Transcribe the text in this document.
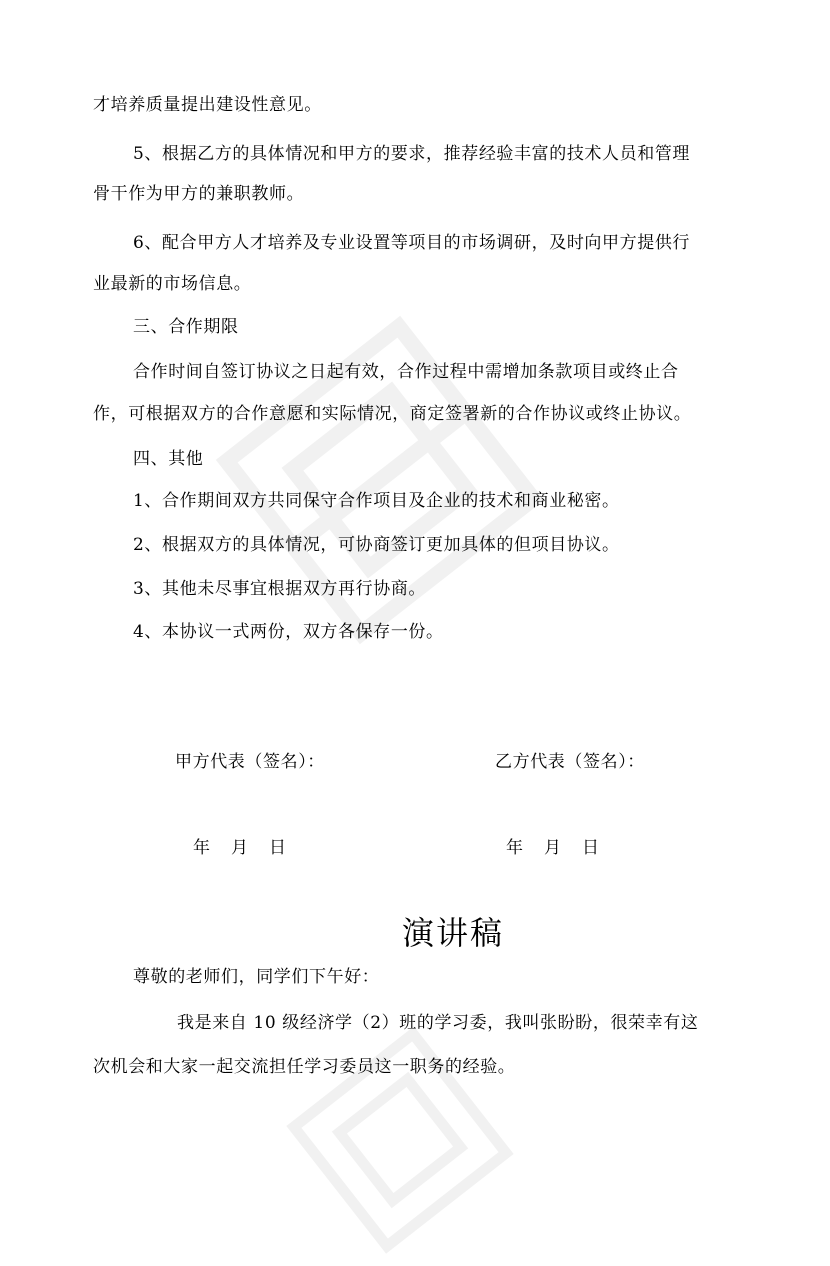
才培养质量提出建设性意见。
5、根据乙方的具体情况和甲方的要求，推荐经验丰富的技术人员和管理
骨干作为甲方的兼职教师。
6、配合甲方人才培养及专业设置等项目的市场调研，及时向甲方提供行
业最新的市场信息。
三、合作期限
合作时间自签订协议之日起有效，合作过程中需增加条款项目或终止合
作，可根据双方的合作意愿和实际情况，商定签署新的合作协议或终止协议。
四、其他
1、合作期间双方共同保守合作项目及企业的技术和商业秘密。
2、根据双方的具体情况，可协商签订更加具体的但项目协议。
3、其他未尽事宜根据双方再行协商。
4、本协议一式两份，双方各保存一份。
甲方代表（签名）：	乙方代表（签名）：
年　月　日	年　月　日
演讲稿
尊敬的老师们，同学们下午好：
我是来自 10 级经济学（2）班的学习委，我叫张盼盼，很荣幸有这
次机会和大家一起交流担任学习委员这一职务的经验。
